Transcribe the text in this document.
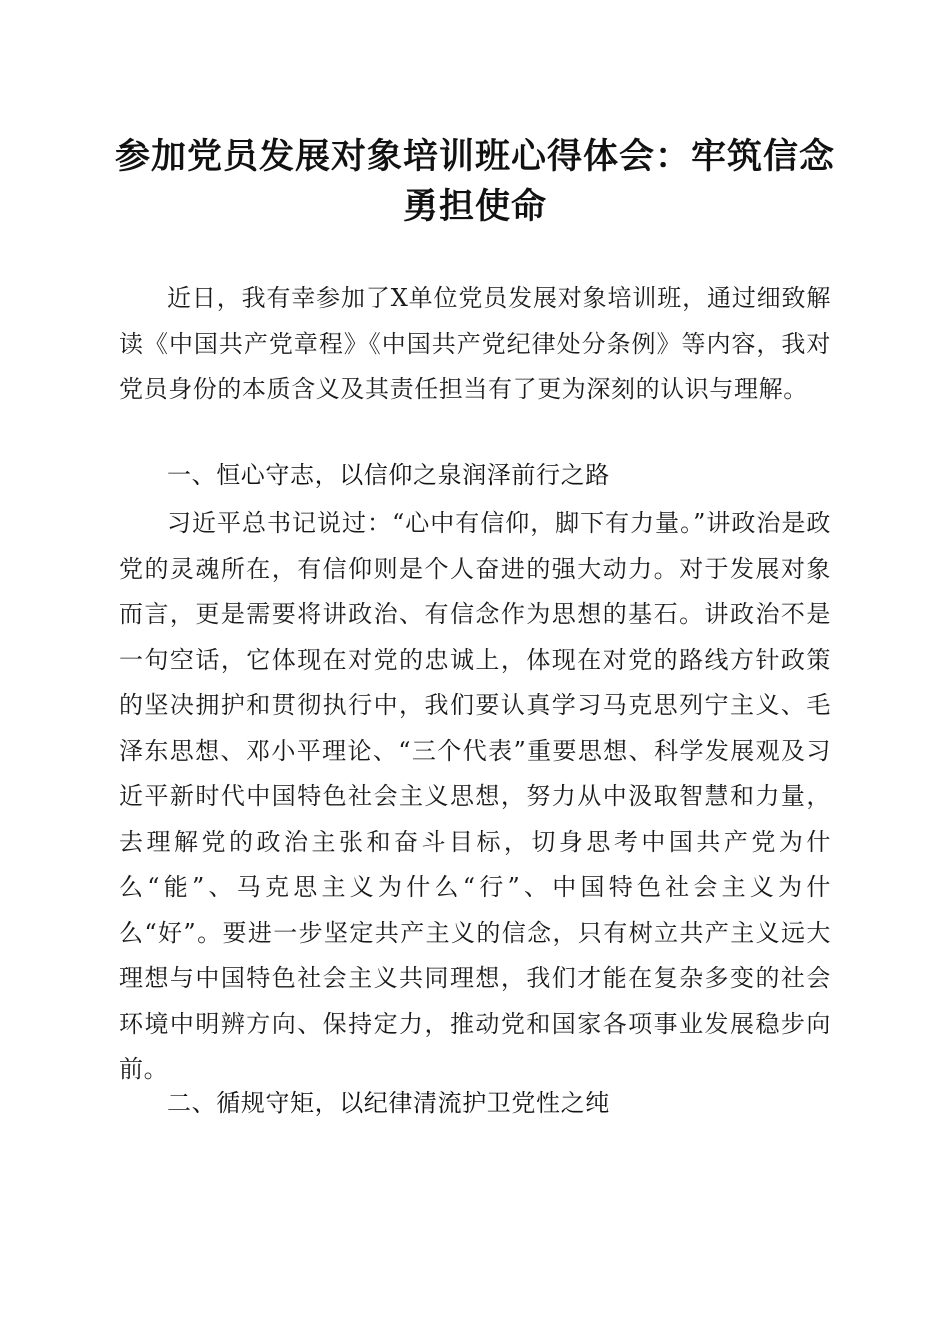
参加党员发展对象培训班心得体会：牢筑信念
勇担使命

近日，我有幸参加了X单位党员发展对象培训班，通过细致解读《中国共产党章程》《中国共产党纪律处分条例》等内容，我对党员身份的本质含义及其责任担当有了更为深刻的认识与理解。

一、恒心守志，以信仰之泉润泽前行之路

习近平总书记说过：“心中有信仰，脚下有力量。”讲政治是政党的灵魂所在，有信仰则是个人奋进的强大动力。对于发展对象而言，更是需要将讲政治、有信念作为思想的基石。讲政治不是一句空话，它体现在对党的忠诚上，体现在对党的路线方针政策的坚决拥护和贯彻执行中，我们要认真学习马克思列宁主义、毛泽东思想、邓小平理论、“三个代表”重要思想、科学发展观及习近平新时代中国特色社会主义思想，努力从中汲取智慧和力量，去理解党的政治主张和奋斗目标，切身思考中国共产党为什么“能”、马克思主义为什么“行”、中国特色社会主义为什么“好”。要进一步坚定共产主义的信念，只有树立共产主义远大理想与中国特色社会主义共同理想，我们才能在复杂多变的社会环境中明辨方向、保持定力，推动党和国家各项事业发展稳步向前。

二、循规守矩，以纪律清流护卫党性之纯
